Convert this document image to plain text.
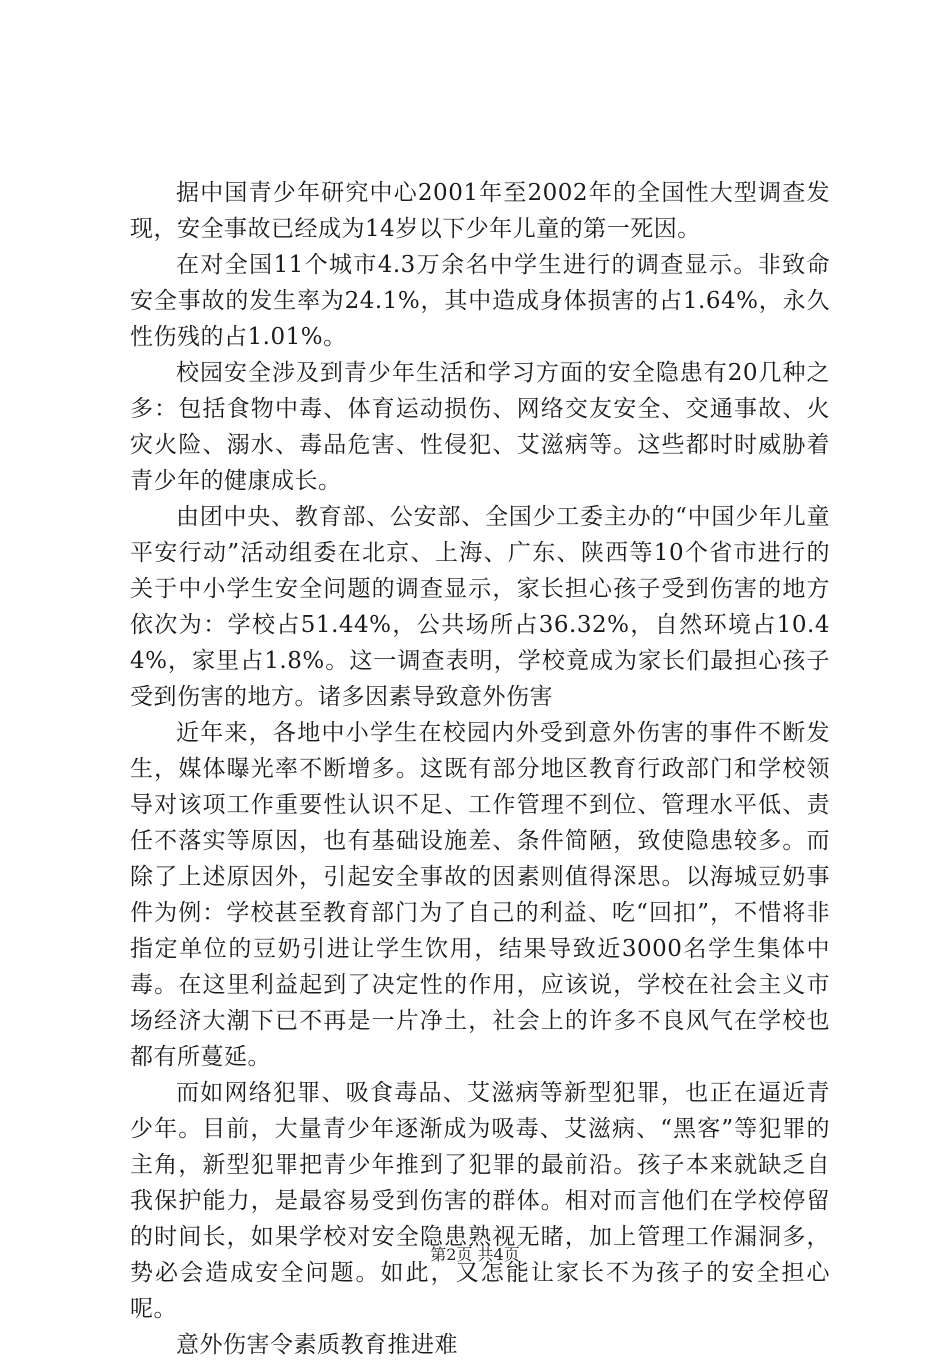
据中国青少年研究中心2001年至2002年的全国性大型调查发现，安全事故已经成为14岁以下少年儿童的第一死因。

在对全国11个城市4.3万余名中学生进行的调查显示。非致命安全事故的发生率为24.1%，其中造成身体损害的占1.64%，永久性伤残的占1.01%。

校园安全涉及到青少年生活和学习方面的安全隐患有20几种之多：包括食物中毒、体育运动损伤、网络交友安全、交通事故、火灾火险、溺水、毒品危害、性侵犯、艾滋病等。这些都时时威胁着青少年的健康成长。

由团中央、教育部、公安部、全国少工委主办的“中国少年儿童平安行动”活动组委在北京、上海、广东、陕西等10个省市进行的关于中小学生安全问题的调查显示，家长担心孩子受到伤害的地方依次为：学校占51.44%，公共场所占36.32%，自然环境占10.44%，家里占1.8%。这一调查表明，学校竟成为家长们最担心孩子受到伤害的地方。诸多因素导致意外伤害

近年来，各地中小学生在校园内外受到意外伤害的事件不断发生，媒体曝光率不断增多。这既有部分地区教育行政部门和学校领导对该项工作重要性认识不足、工作管理不到位、管理水平低、责任不落实等原因，也有基础设施差、条件简陋，致使隐患较多。而除了上述原因外，引起安全事故的因素则值得深思。以海城豆奶事件为例：学校甚至教育部门为了自己的利益、吃“回扣”，不惜将非指定单位的豆奶引进让学生饮用，结果导致近3000名学生集体中毒。在这里利益起到了决定性的作用，应该说，学校在社会主义市场经济大潮下已不再是一片净土，社会上的许多不良风气在学校也都有所蔓延。

而如网络犯罪、吸食毒品、艾滋病等新型犯罪，也正在逼近青少年。目前，大量青少年逐渐成为吸毒、艾滋病、“黑客”等犯罪的主角，新型犯罪把青少年推到了犯罪的最前沿。孩子本来就缺乏自我保护能力，是最容易受到伤害的群体。相对而言他们在学校停留的时间长，如果学校对安全隐患熟视无睹，加上管理工作漏洞多，势必会造成安全问题。如此，又怎能让家长不为孩子的安全担心呢。

意外伤害令素质教育推进难

第2页 共4页
